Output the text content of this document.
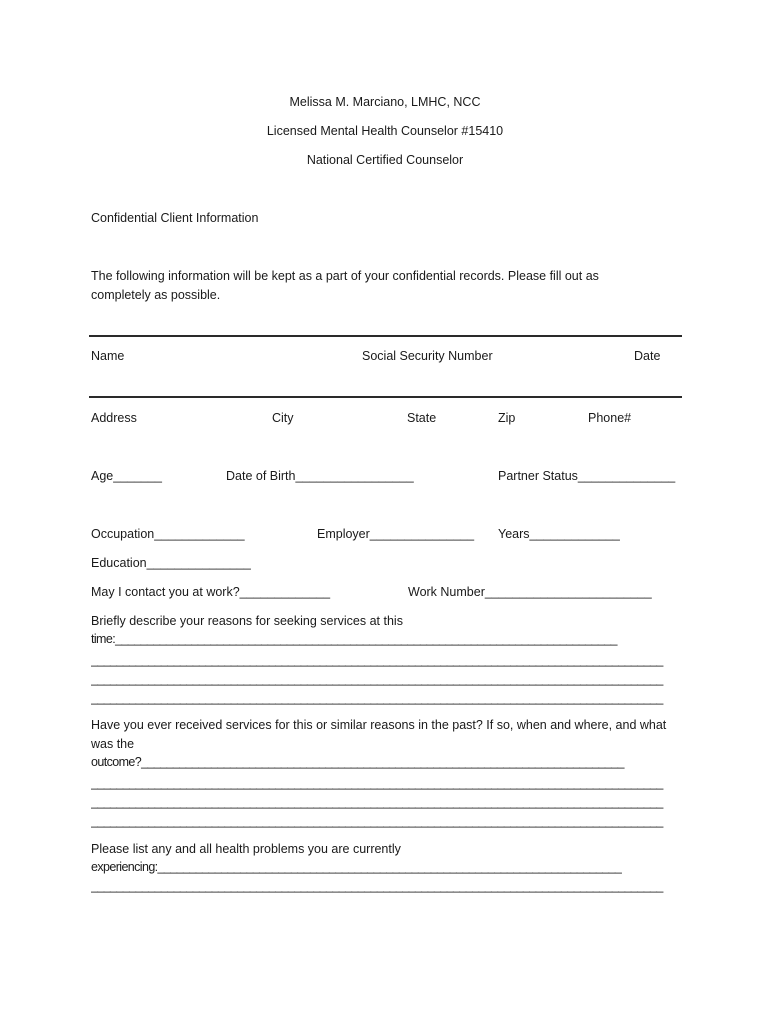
Melissa M. Marciano, LMHC, NCC
Licensed Mental Health Counselor #15410
National Certified Counselor
Confidential Client Information
The following information will be kept as a part of your confidential records. Please fill out as
completely as possible.
Name	Social Security Number	Date
Address	City	State	Zip	Phone#
Age_______	Date of Birth_________________	Partner Status______________
Occupation_____________	Employer_______________ Years_____________
Education_______________
May I contact you at work?_____________	Work Number________________________
Briefly describe your reasons for seeking services at this
time:_______________________________________________________________________________
__________________________________________________________________________________________
__________________________________________________________________________________________
__________________________________________________________________________________________
Have you ever received services for this or similar reasons in the past? If so, when and where, and what
was the
outcome?____________________________________________________________________________
__________________________________________________________________________________________
__________________________________________________________________________________________
__________________________________________________________________________________________
Please list any and all health problems you are currently
experiencing:_________________________________________________________________________
__________________________________________________________________________________________
